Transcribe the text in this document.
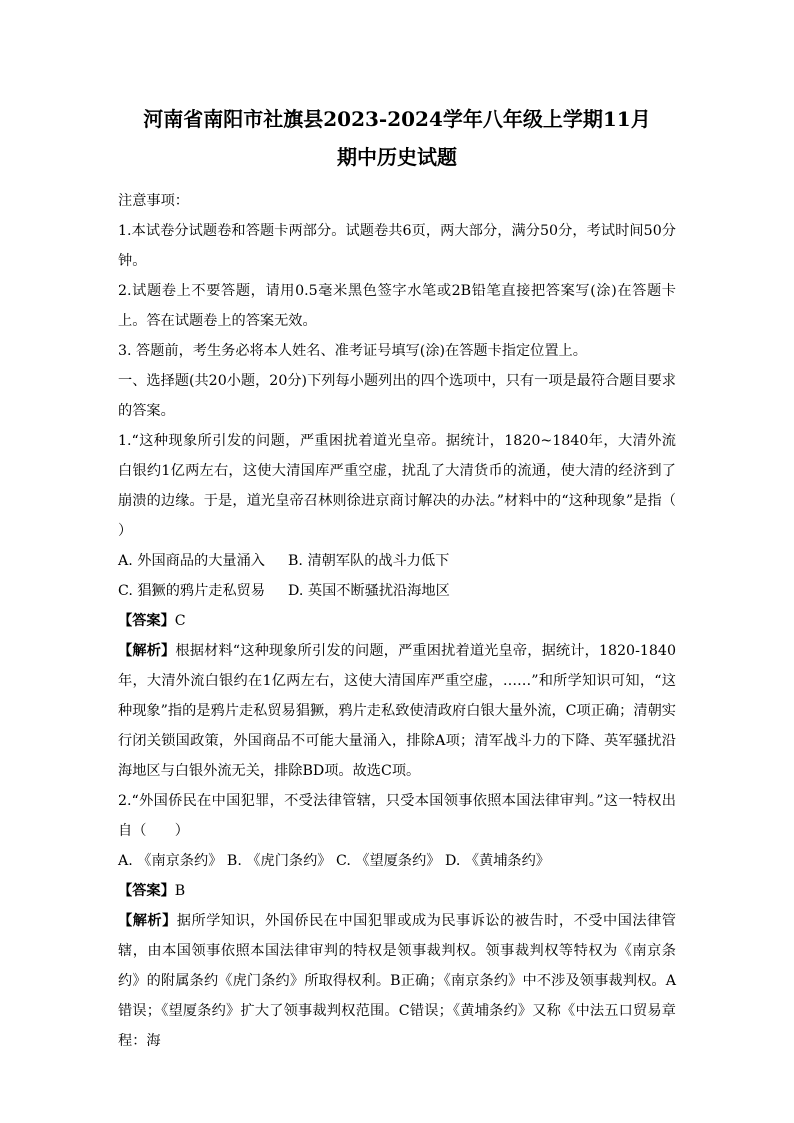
河南省南阳市社旗县2023-2024学年八年级上学期11月
期中历史试题

注意事项：

1.本试卷分试题卷和答题卡两部分。试题卷共6页，两大部分，满分50分，考试时间50分钟。

2.试题卷上不要答题，请用0.5毫米黑色签字水笔或2B铅笔直接把答案写(涂)在答题卡上。答在试题卷上的答案无效。

3. 答题前，考生务必将本人姓名、准考证号填写(涂)在答题卡指定位置上。

一、选择题(共20小题，20分)下列每小题列出的四个选项中，只有一项是最符合题目要求的答案。

1.“这种现象所引发的问题，严重困扰着道光皇帝。据统计，1820~1840年，大清外流白银约1亿两左右，这使大清国库严重空虚，扰乱了大清货币的流通，使大清的经济到了崩溃的边缘。于是，道光皇帝召林则徐进京商讨解决的办法。”材料中的“这种现象”是指（　　）

A. 外国商品的大量涌入 B. 清朝军队的战斗力低下
C. 猖獗的鸦片走私贸易 D. 英国不断骚扰沿海地区

【答案】C

【解析】根据材料“这种现象所引发的问题，严重困扰着道光皇帝，据统计，1820-1840年，大清外流白银约在1亿两左右，这使大清国库严重空虚，……”和所学知识可知，“这种现象”指的是鸦片走私贸易猖獗，鸦片走私致使清政府白银大量外流，C项正确；清朝实行闭关锁国政策，外国商品不可能大量涌入，排除A项；清军战斗力的下降、英军骚扰沿海地区与白银外流无关，排除BD项。故选C项。

2.“外国侨民在中国犯罪，不受法律管辖，只受本国领事依照本国法律审判。”这一特权出自（　　）

A. 《南京条约》 B. 《虎门条约》 C. 《望厦条约》 D. 《黄埔条约》

【答案】B

【解析】据所学知识，外国侨民在中国犯罪或成为民事诉讼的被告时，不受中国法律管辖，由本国领事依照本国法律审判的特权是领事裁判权。领事裁判权等特权为《南京条约》的附属条约《虎门条约》所取得权利。B正确；《南京条约》中不涉及领事裁判权。A错误；《望厦条约》扩大了领事裁判权范围。C错误；《黄埔条约》又称《中法五口贸易章程：海
